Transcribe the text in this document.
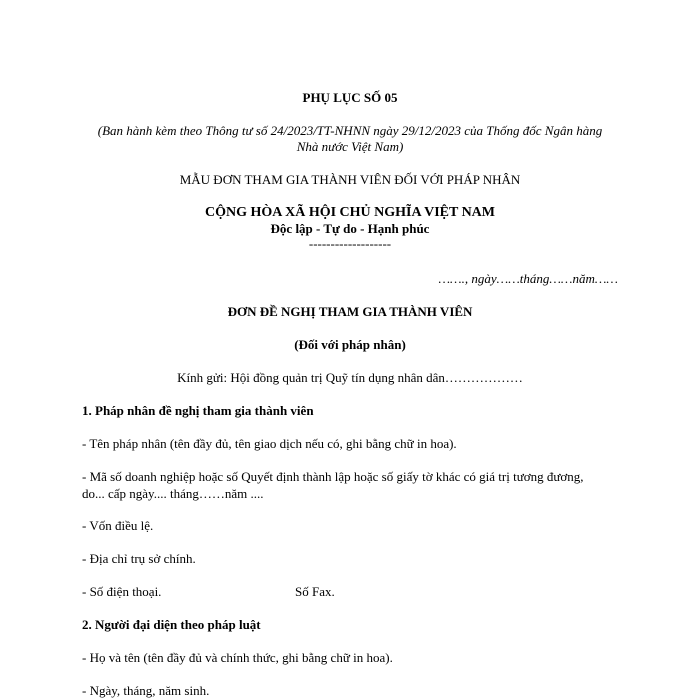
PHỤ LỤC SỐ 05
(Ban hành kèm theo Thông tư số 24/2023/TT-NHNN ngày 29/12/2023 của Thống đốc Ngân hàng
Nhà nước Việt Nam)
MẪU ĐƠN THAM GIA THÀNH VIÊN ĐỐI VỚI PHÁP NHÂN
CỘNG HÒA XÃ HỘI CHỦ NGHĨA VIỆT NAM
Độc lập - Tự do - Hạnh phúc
-------------------
……., ngày……tháng……năm……
ĐƠN ĐỀ NGHỊ THAM GIA THÀNH VIÊN
(Đối với pháp nhân)
Kính gửi: Hội đồng quản trị Quỹ tín dụng nhân dân………………
1. Pháp nhân đề nghị tham gia thành viên
- Tên pháp nhân (tên đầy đủ, tên giao dịch nếu có, ghi bằng chữ in hoa).
- Mã số doanh nghiệp hoặc số Quyết định thành lập hoặc số giấy tờ khác có giá trị tương đương,
do... cấp ngày.... tháng……năm ....
- Vốn điều lệ.
- Địa chỉ trụ sở chính.
- Số điện thoại.	Số Fax.
2. Người đại diện theo pháp luật
- Họ và tên (tên đầy đủ và chính thức, ghi bằng chữ in hoa).
- Ngày, tháng, năm sinh.
